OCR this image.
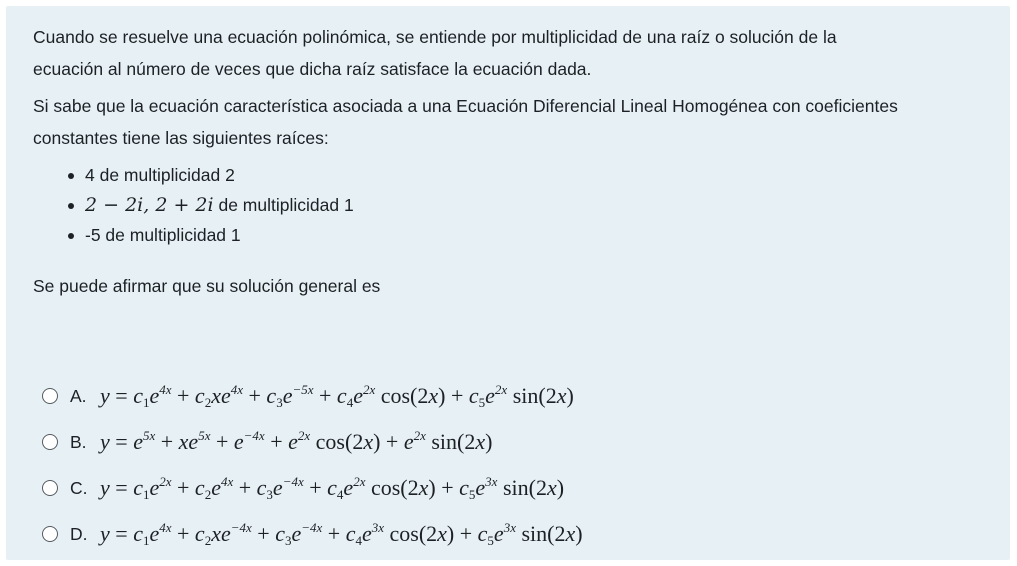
Cuando se resuelve una ecuación polinómica, se entiende por multiplicidad de una raíz o solución de la
ecuación al número de veces que dicha raíz satisface la ecuación dada.
Si sabe que la ecuación característica asociada a una Ecuación Diferencial Lineal Homogénea con coeficientes
constantes tiene las siguientes raíces:
4 de multiplicidad 2
2 − 2i, 2 + 2i de multiplicidad 1
-5 de multiplicidad 1
Se puede afirmar que su solución general es
A. $y = c_1e^{4x} + c_2xe^{4x} + c_3e^{-5x} + c_4e^{2x}$ $\cos(2x) + c_5e^{2x}$ sin(2x)
B. $y = e^{5x} + xe^{5x} + e^{-4x} + e^{2x}$ $\cos(2x) + e^{2x}$ sin(2x)
C. $y = c_1e^{2x} + c_2e^{4x} + c_3e^{-4x} + c_4e^{2x}$ $\cos(2x) + c_5e^{3x}$ sin(2x)
D. $y = c_1e^{4x} + c_2xe^{-4x} + c_3e^{-4x} + c_4e^{3x}$ $\cos(2x) + c_5e^{3x}$ sin(2x)
